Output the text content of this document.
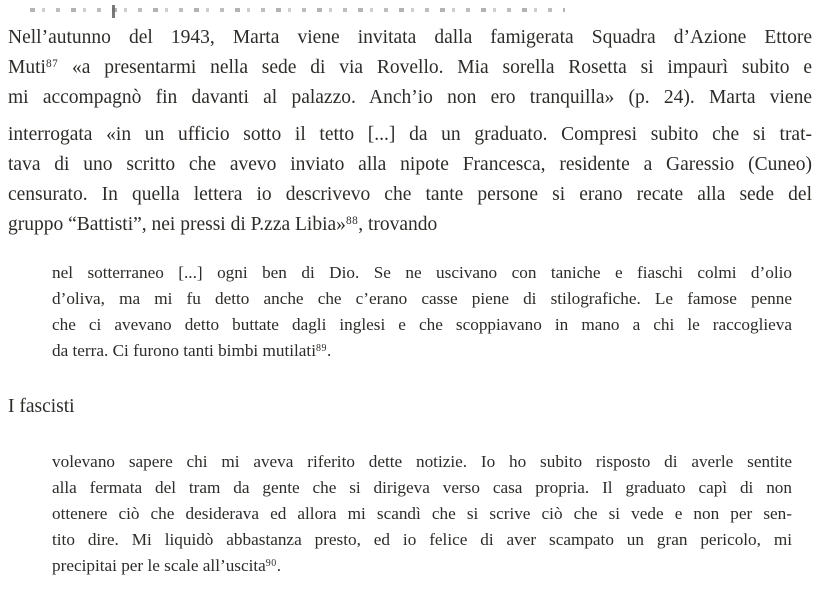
Nell’autunno del 1943, Marta viene invitata dalla famigerata Squadra d’Azione Ettore
Muti$^{87}$ «a presentarmi nella sede di via Rovello. Mia sorella Rosetta si impaurì subito e
mi accompagnò fin davanti al palazzo. Anch’io non ero tranquilla» (p. 24). Marta viene
interrogata «in un ufficio sotto il tetto [...] da un graduato. Compresi subito che si trat-
tava di uno scritto che avevo inviato alla nipote Francesca, residente a Garessio (Cuneo)
censurato. In quella lettera io descrivevo che tante persone si erano recate alla sede del
gruppo “Battisti”, nei pressi di P.zza Libia»$^{88}$, trovando
nel sotterraneo [...] ogni ben di Dio. Se ne uscivano con taniche e fiaschi colmi d’olio
d’oliva, ma mi fu detto anche che c’erano casse piene di stilografiche. Le famose penne
che ci avevano detto buttate dagli inglesi e che scoppiavano in mano a chi le raccoglieva
da terra. Ci furono tanti bimbi mutilati$^{89}$.
I fascisti
volevano sapere chi mi aveva riferito dette notizie. Io ho subito risposto di averle sentite
alla fermata del tram da gente che si dirigeva verso casa propria. Il graduato capì di non
ottenere ciò che desiderava ed allora mi scandì che si scrive ciò che si vede e non per sen-
tito dire. Mi liquidò abbastanza presto, ed io felice di aver scampato un gran pericolo, mi
precipitai per le scale all’uscita$^{90}$.
